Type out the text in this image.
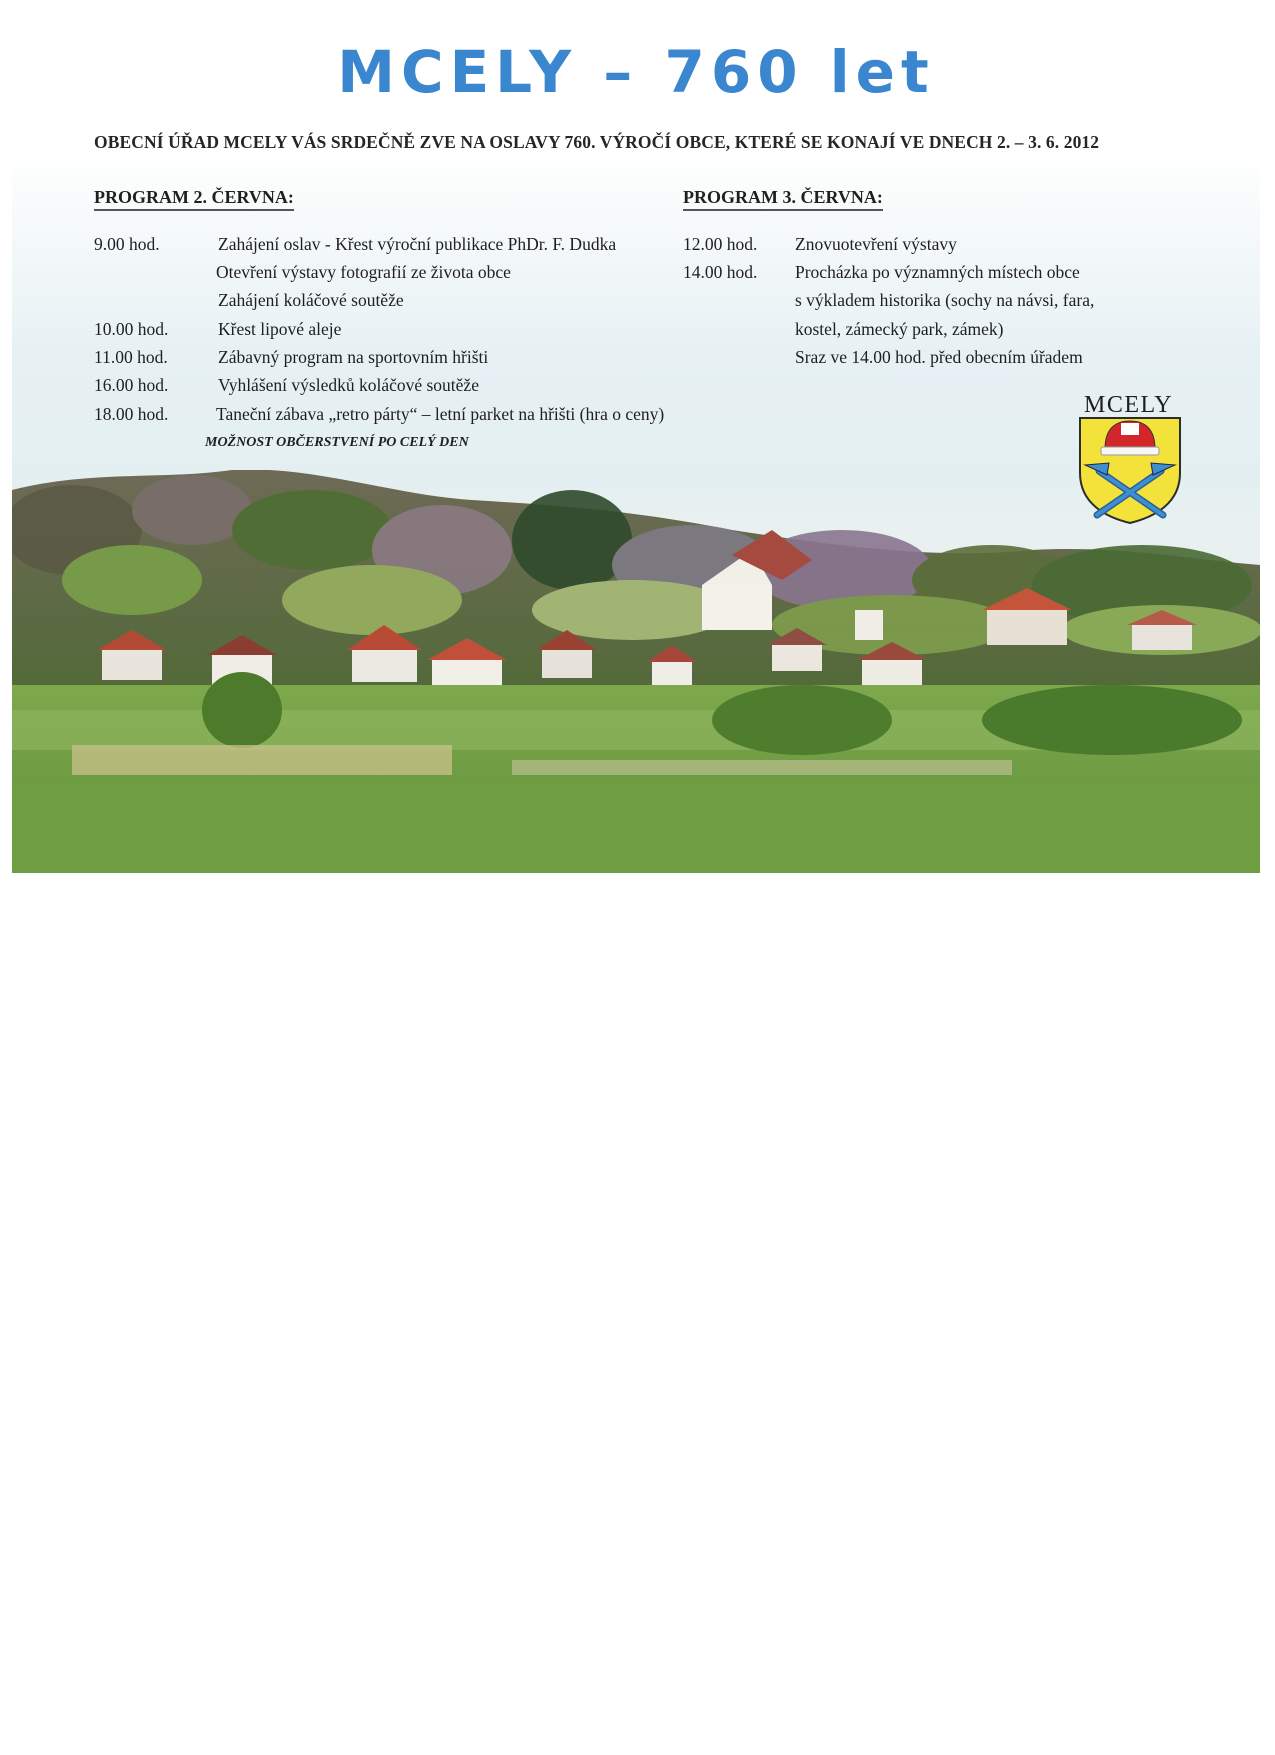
MCELY – 760 let
OBECNÍ ÚŘAD MCELY VÁS SRDEČNĚ ZVE NA OSLAVY 760. VÝROČÍ OBCE, KTERÉ SE KONAJÍ VE DNECH 2. – 3. 6. 2012
PROGRAM 2. ČERVNA:
9.00 hod.	Zahájení oslav - Křest výroční publikace PhDr. F. Dudka
Otevření výstavy fotografií ze života obce
Zahájení koláčové soutěže
10.00 hod.	Křest lipové aleje
11.00 hod.	Zábavný program na sportovním hřišti
16.00 hod.	Vyhlášení výsledků koláčové soutěže
18.00 hod.	Taneční zábava „retro párty“ – letní parket na hřišti (hra o ceny)
MOŽNOST OBČERSTVENÍ PO CELÝ DEN
PROGRAM 3. ČERVNA:
12.00 hod. Znovuotevření výstavy
14.00 hod. Procházka po významných místech obce
s výkladem historika (sochy na návsi, fara,
kostel, zámecký park, zámek)
Sraz ve 14.00 hod. před obecním úřadem
MCELY
